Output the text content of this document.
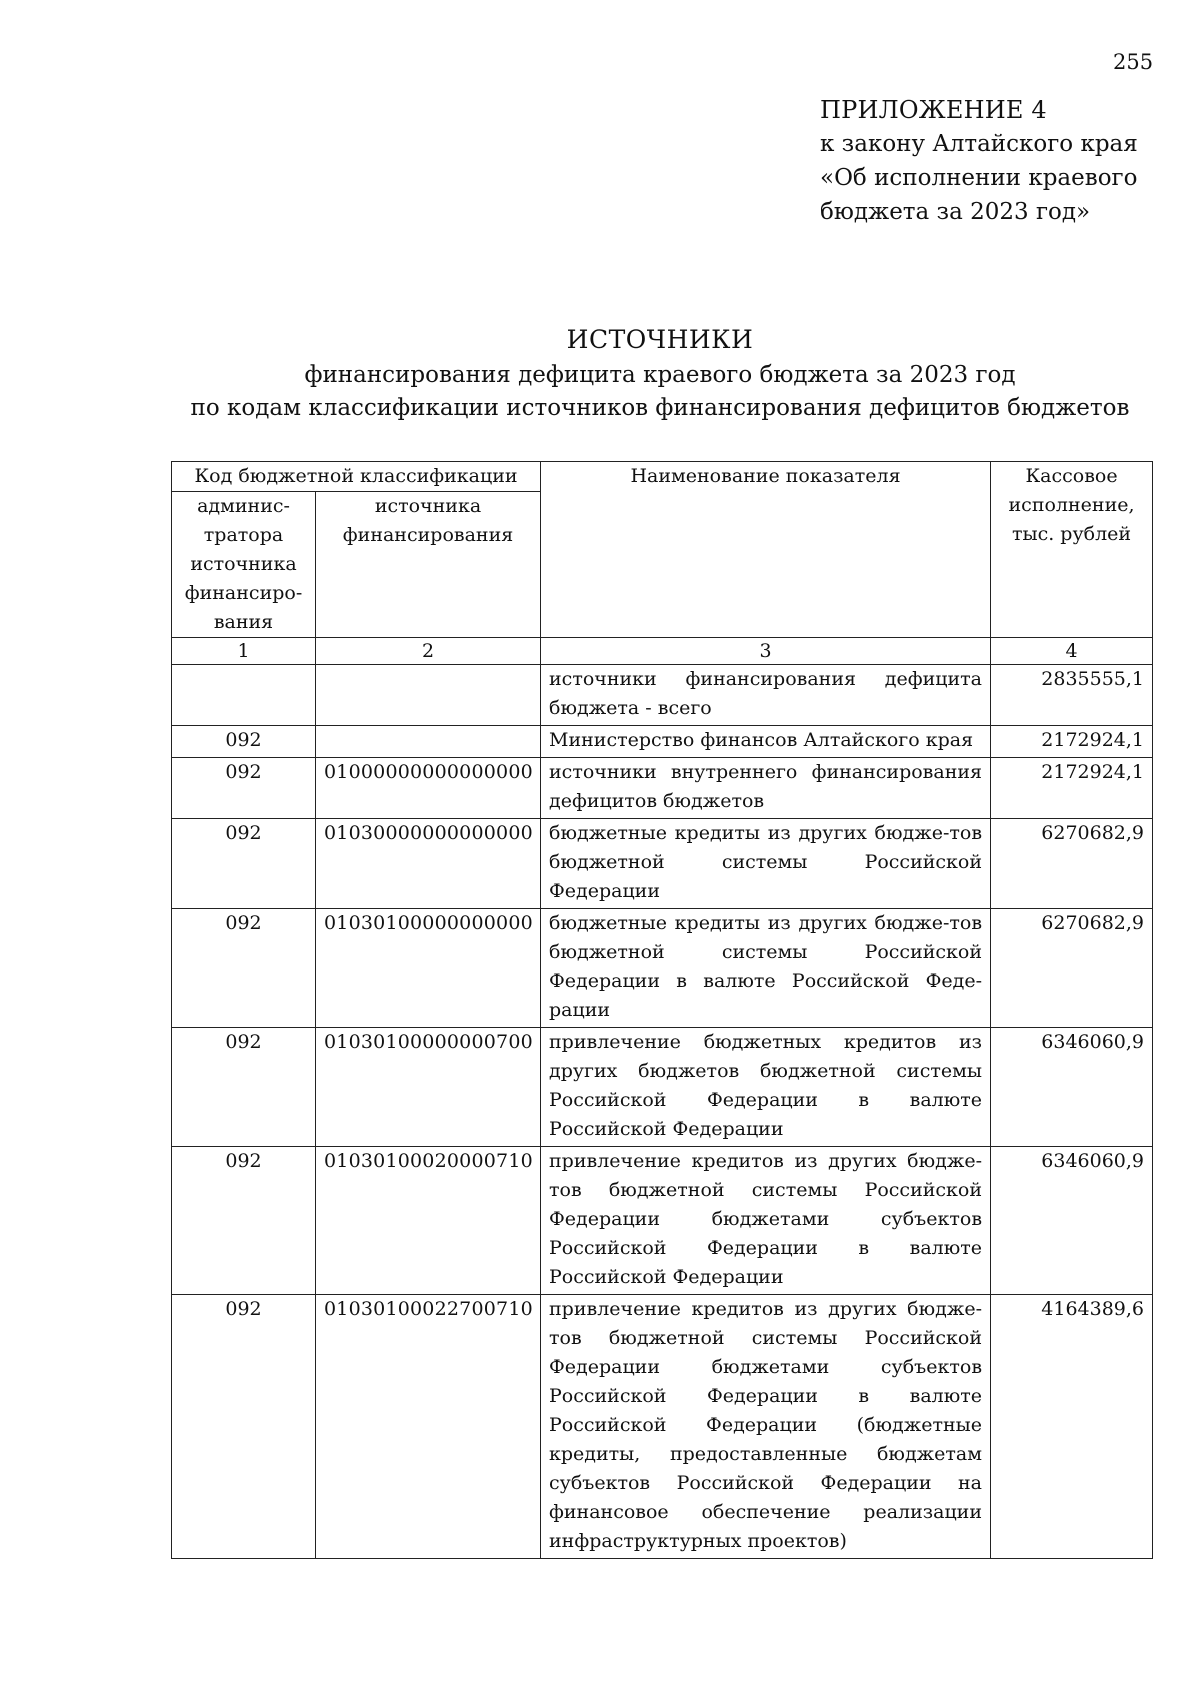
255
ПРИЛОЖЕНИЕ 4
к закону Алтайского края
«Об исполнении краевого
бюджета за 2023 год»
ИСТОЧНИКИ
финансирования дефицита краевого бюджета за 2023 год
по кодам классификации источников финансирования дефицитов бюджетов
Код бюджетной классификации		Наименование показателя	Кассовое исполнение, тыс. рублей
админис-тратора источника финансиро-вания	источника финансирования		
1	2	3	4
		источники финансирования дефицита бюджета - всего	2835555,1
092		Министерство финансов Алтайского края	2172924,1
092	01000000000000000	источники внутреннего финансирования дефицитов бюджетов	2172924,1
092	01030000000000000	бюджетные кредиты из других бюдже-тов бюджетной системы Российской Федерации	6270682,9
092	01030100000000000	бюджетные кредиты из других бюдже-тов бюджетной системы Российской Федерации в валюте Российской Феде-рации	6270682,9
092	01030100000000700	привлечение бюджетных кредитов из других бюджетов бюджетной системы Российской Федерации в валюте Российской Федерации	6346060,9
092	01030100020000710	привлечение кредитов из других бюдже-тов бюджетной системы Российской Федерации бюджетами субъектов Российской Федерации в валюте Российской Федерации	6346060,9
092	01030100022700710	привлечение кредитов из других бюдже-тов бюджетной системы Российской Федерации бюджетами субъектов Российской Федерации в валюте Российской Федерации (бюджетные кредиты, предоставленные бюджетам субъектов Российской Федерации на финансовое обеспечение реализации инфраструктурных проектов)	4164389,6
